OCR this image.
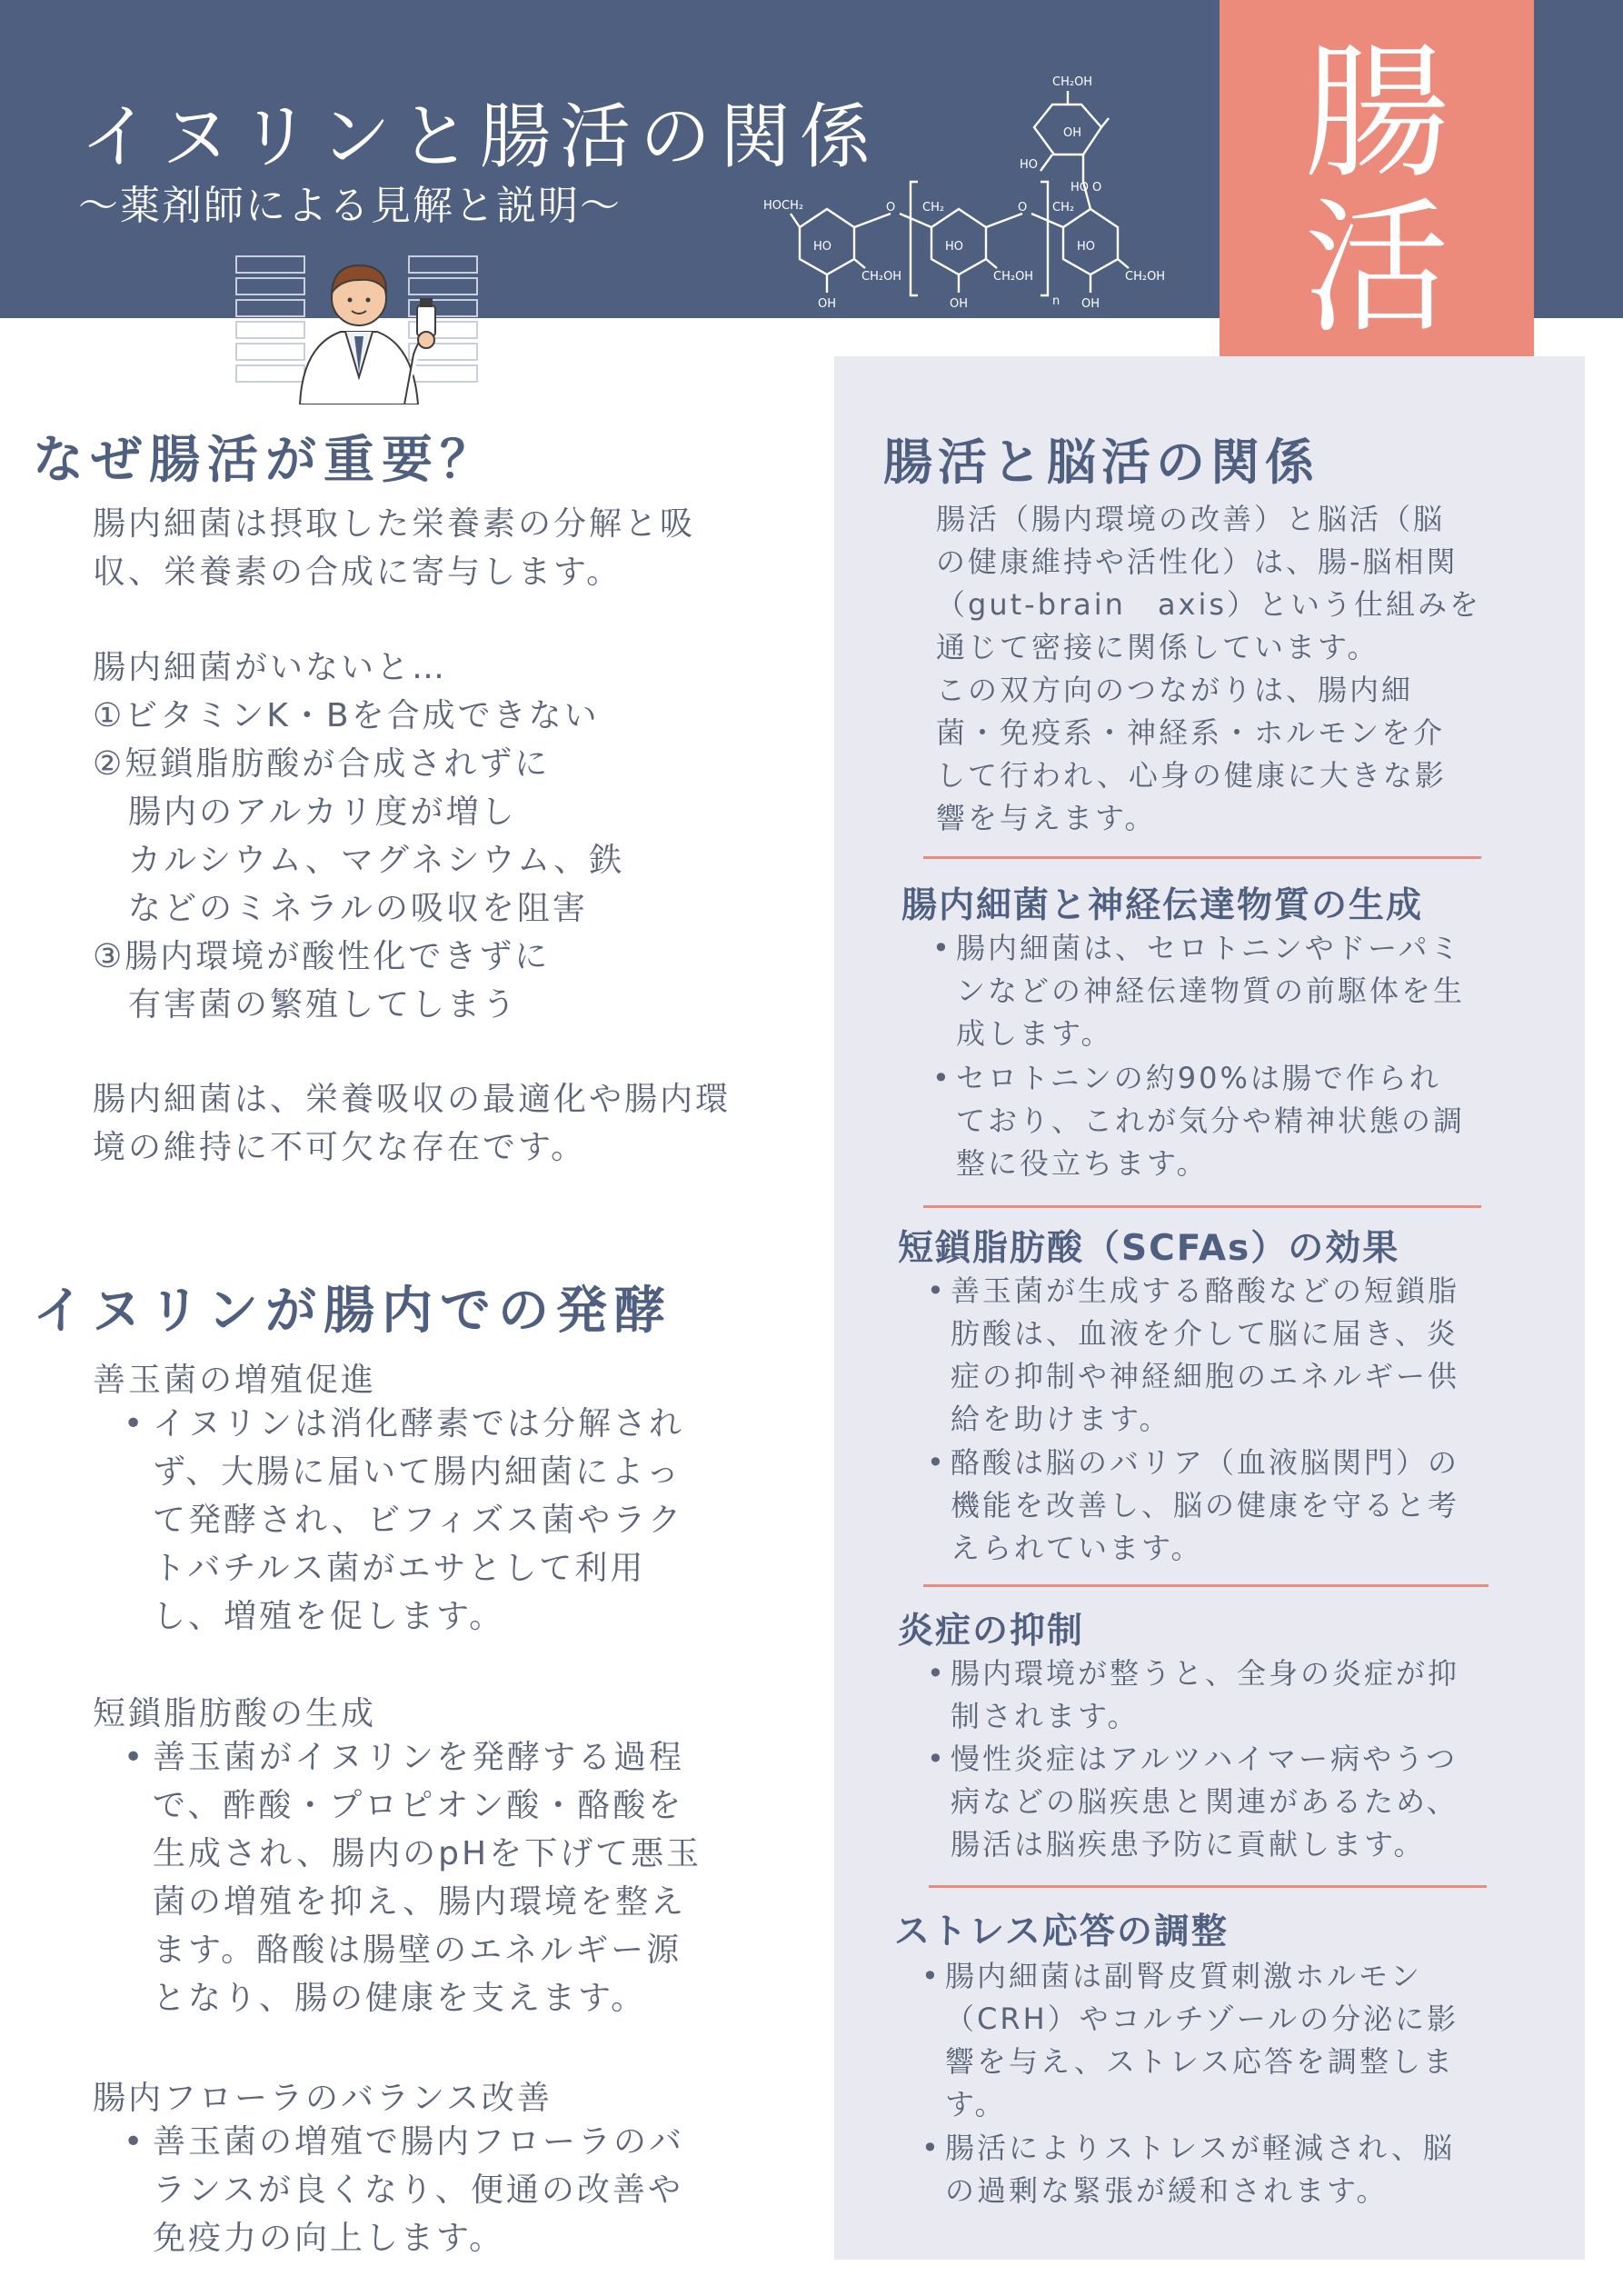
イヌリンと腸活の関係
〜薬剤師による見解と説明〜
CH₂OH
OH
HO
HO O
HOCH₂	O CH₂	O CH₂
HO	HO	HO
CH₂OH	CH₂OH	CH₂OH
OH	OH	OH
n
腸
活
なぜ腸活が重要？
腸内細菌は摂取した栄養素の分解と吸
収、栄養素の合成に寄与します。
腸内細菌がいないと…
①ビタミンK・Bを合成できない
②短鎖脂肪酸が合成されずに
　腸内のアルカリ度が増し
　カルシウム、マグネシウム、鉄
　などのミネラルの吸収を阻害
③腸内環境が酸性化できずに
　有害菌の繁殖してしまう
腸内細菌は、栄養吸収の最適化や腸内環
境の維持に不可欠な存在です。
イヌリンが腸内での発酵
善玉菌の増殖促進
• イヌリンは消化酵素では分解され
ず、大腸に届いて腸内細菌によっ
て発酵され、ビフィズス菌やラク
トバチルス菌がエサとして利用
し、増殖を促します。
短鎖脂肪酸の生成
• 善玉菌がイヌリンを発酵する過程
で、酢酸・プロピオン酸・酪酸を
生成され、腸内のpHを下げて悪玉
菌の増殖を抑え、腸内環境を整え
ます。酪酸は腸壁のエネルギー源
となり、腸の健康を支えます。
腸内フローラのバランス改善
• 善玉菌の増殖で腸内フローラのバ
ランスが良くなり、便通の改善や
免疫力の向上します。
腸活と脳活の関係
腸活（腸内環境の改善）と脳活（脳
の健康維持や活性化）は、腸-脳相関
（gut-brain　axis）という仕組みを
通じて密接に関係しています。
この双方向のつながりは、腸内細
菌・免疫系・神経系・ホルモンを介
して行われ、心身の健康に大きな影
響を与えます。
腸内細菌と神経伝達物質の生成
• 腸内細菌は、セロトニンやドーパミ
ンなどの神経伝達物質の前駆体を生
成します。
• セロトニンの約90%は腸で作られ
ており、これが気分や精神状態の調
整に役立ちます。
短鎖脂肪酸（SCFAs）の効果
• 善玉菌が生成する酪酸などの短鎖脂
肪酸は、血液を介して脳に届き、炎
症の抑制や神経細胞のエネルギー供
給を助けます。
• 酪酸は脳のバリア（血液脳関門）の
機能を改善し、脳の健康を守ると考
えられています。
炎症の抑制
• 腸内環境が整うと、全身の炎症が抑
制されます。
• 慢性炎症はアルツハイマー病やうつ
病などの脳疾患と関連があるため、
腸活は脳疾患予防に貢献します。
ストレス応答の調整
• 腸内細菌は副腎皮質刺激ホルモン
（CRH）やコルチゾールの分泌に影
響を与え、ストレス応答を調整しま
す。
• 腸活によりストレスが軽減され、脳
の過剰な緊張が緩和されます。
